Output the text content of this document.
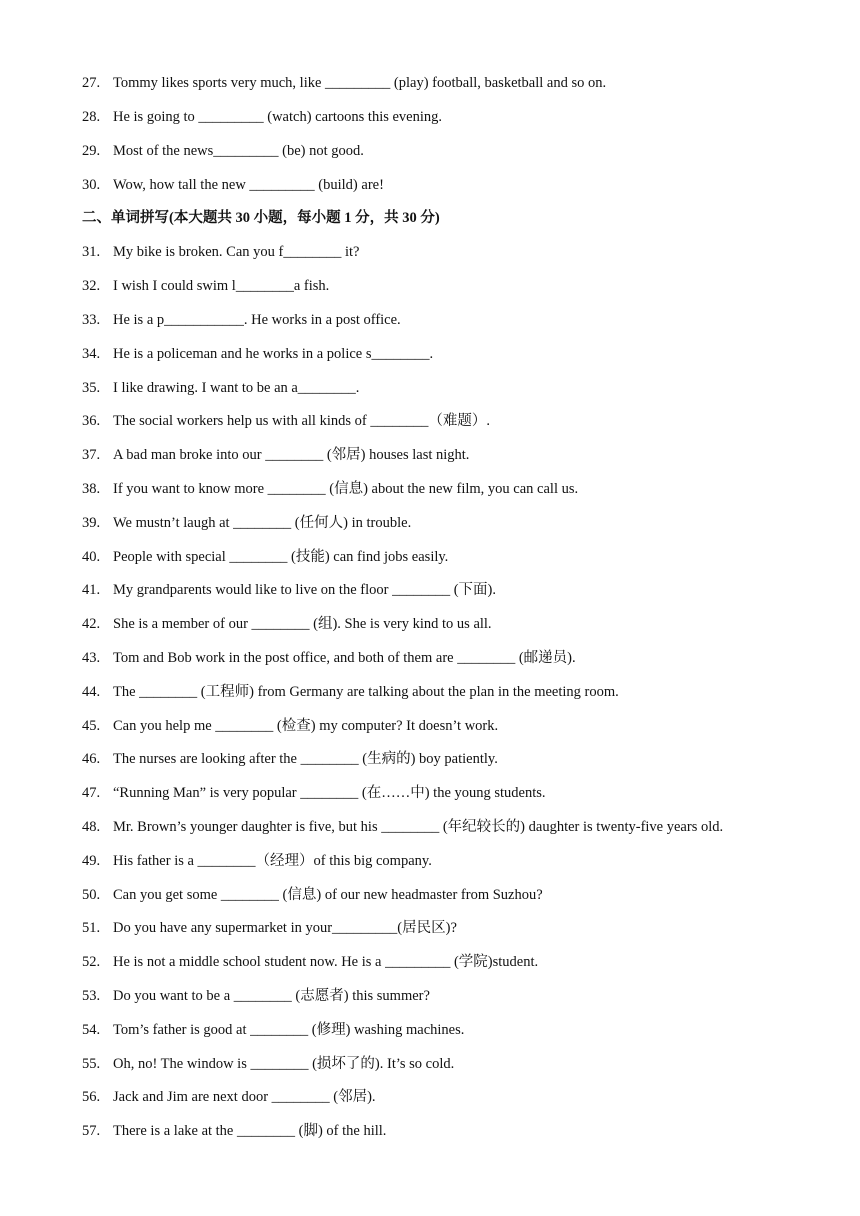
27. Tommy likes sports very much, like _________ (play) football, basketball and so on.
28. He is going to _________ (watch) cartoons this evening.
29. Most of the news_________ (be) not good.
30. Wow, how tall the new _________ (build) are!
二、单词拼写(本大题共 30 小题，每小题 1 分，共 30 分)
31. My bike is broken. Can you f________ it?
32. I wish I could swim l________a fish.
33. He is a p___________. He works in a post office.
34. He is a policeman and he works in a police s________.
35. I like drawing. I want to be an a________.
36. The social workers help us with all kinds of ________（难题）.
37. A bad man broke into our ________ (邻居) houses last night.
38. If you want to know more ________ (信息) about the new film, you can call us.
39. We mustn’t laugh at ________ (任何人) in trouble.
40. People with special ________ (技能) can find jobs easily.
41. My grandparents would like to live on the floor ________ (下面).
42. She is a member of our ________ (组). She is very kind to us all.
43. Tom and Bob work in the post office, and both of them are ________ (邮递员).
44. The ________ (工程师) from Germany are talking about the plan in the meeting room.
45. Can you help me ________ (检查) my computer? It doesn’t work.
46. The nurses are looking after the ________ (生病的) boy patiently.
47. “Running Man” is very popular ________ (在……中) the young students.
48. Mr. Brown’s younger daughter is five, but his ________ (年纪较长的) daughter is twenty-five years old.
49. His father is a ________（经理）of this big company.
50. Can you get some ________ (信息) of our new headmaster from Suzhou?
51. Do you have any supermarket in your_________(居民区)?
52. He is not a middle school student now. He is a _________ (学院)student.
53. Do you want to be a ________ (志愿者) this summer?
54. Tom’s father is good at ________ (修理) washing machines.
55. Oh, no! The window is ________ (损坏了的). It’s so cold.
56. Jack and Jim are next door ________ (邻居).
57. There is a lake at the ________ (脚) of the hill.
